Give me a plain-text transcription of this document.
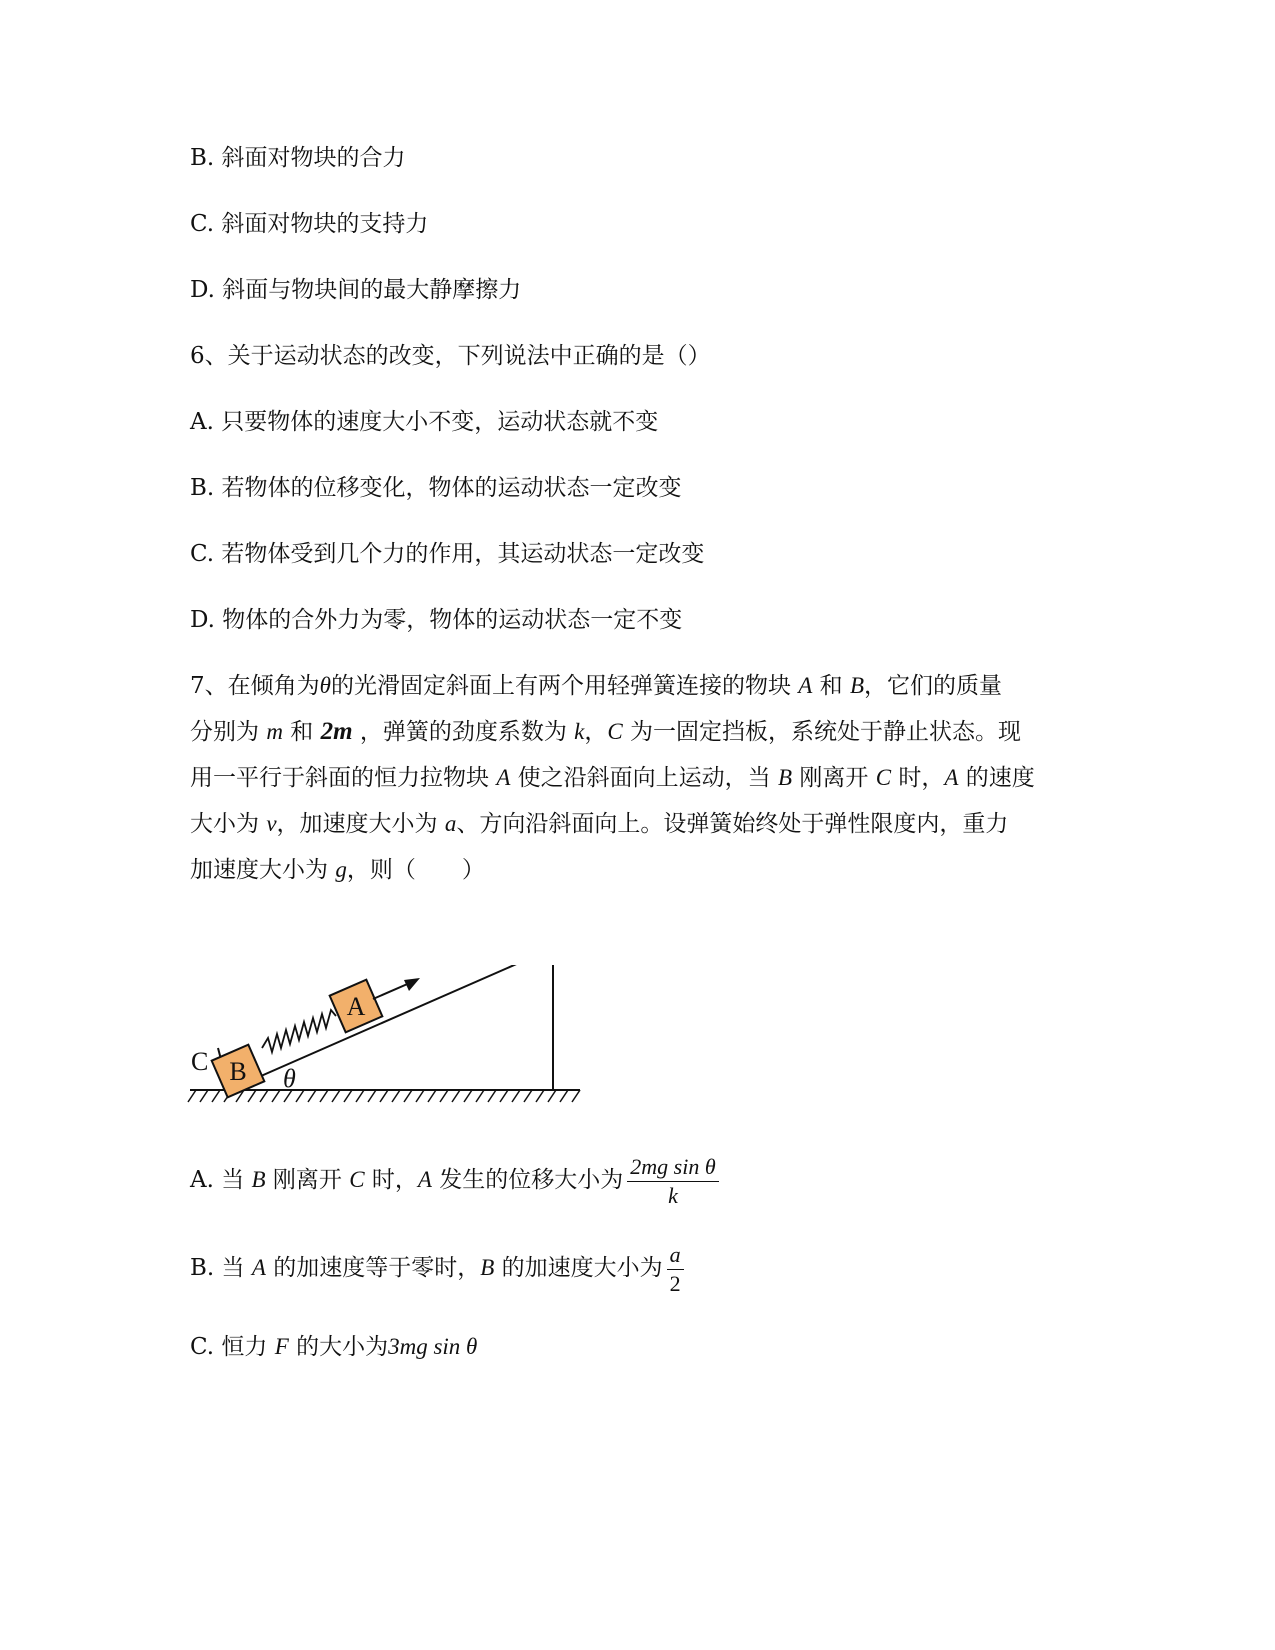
B. 斜面对物块的合力
C. 斜面对物块的支持力
D. 斜面与物块间的最大静摩擦力
6、关于运动状态的改变，下列说法中正确的是（）
A. 只要物体的速度大小不变，运动状态就不变
B. 若物体的位移变化，物体的运动状态一定改变
C. 若物体受到几个力的作用，其运动状态一定改变
D. 物体的合外力为零，物体的运动状态一定不变
7、在倾角为θ的光滑固定斜面上有两个用轻弹簧连接的物块 A 和 B，它们的质量
分别为 m 和 2m ，弹簧的劲度系数为 k，C 为一固定挡板，系统处于静止状态。现
用一平行于斜面的恒力拉物块 A 使之沿斜面向上运动，当 B 刚离开 C 时，A 的速度
大小为 v，加速度大小为 a、方向沿斜面向上。设弹簧始终处于弹性限度内，重力
加速度大小为 g，则（　　）
C B
A
θ
A. 当 B 刚离开 C 时，A 发生的位移大小为 $\frac{\text{2mg sin θ}}{k}$
B. 当 A 的加速度等于零时，B 的加速度大小为 $\frac{a}{2}$
C. 恒力 F 的大小为3mg sin θ
